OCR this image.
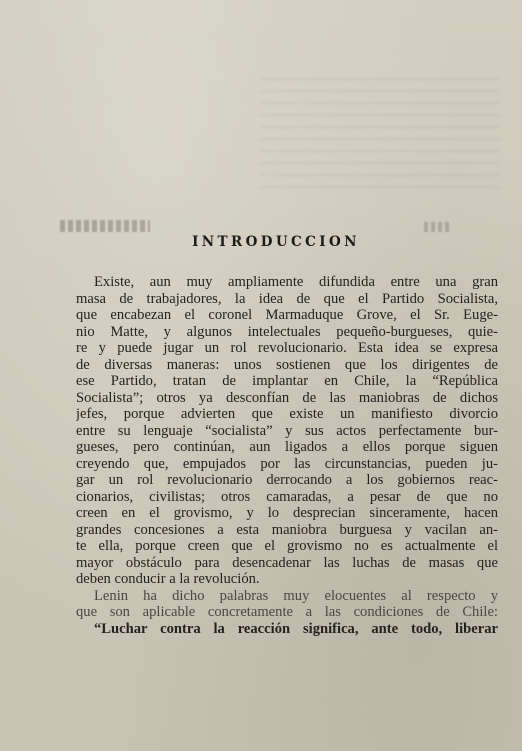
INTRODUCCION
Existe, aun muy ampliamente difundida entre una gran
masa de trabajadores, la idea de que el Partido Socialista,
que encabezan el coronel Marmaduque Grove, el Sr. Euge-
nio Matte, y algunos intelectuales pequeño-burgueses, quie-
re y puede jugar un rol revolucionario. Esta idea se expresa
de diversas maneras: unos sostienen que los dirigentes de
ese Partido, tratan de implantar en Chile, la “República
Socialista”; otros ya desconfían de las maniobras de dichos
jefes, porque advierten que existe un manifiesto divorcio
entre su lenguaje “socialista” y sus actos perfectamente bur-
gueses, pero continúan, aun ligados a ellos porque siguen
creyendo que, empujados por las circunstancias, pueden ju-
gar un rol revolucionario derrocando a los gobiernos reac-
cionarios, civilistas; otros camaradas, a pesar de que no
creen en el grovismo, y lo desprecian sinceramente, hacen
grandes concesiones a esta maniobra burguesa y vacilan an-
te ella, porque creen que el grovismo no es actualmente el
mayor obstáculo para desencadenar las luchas de masas que
deben conducir a la revolución.
Lenin ha dicho palabras muy elocuentes al respecto y
que son aplicable concretamente a las condiciones de Chile:
“Luchar contra la reacción significa, ante todo, liberar
